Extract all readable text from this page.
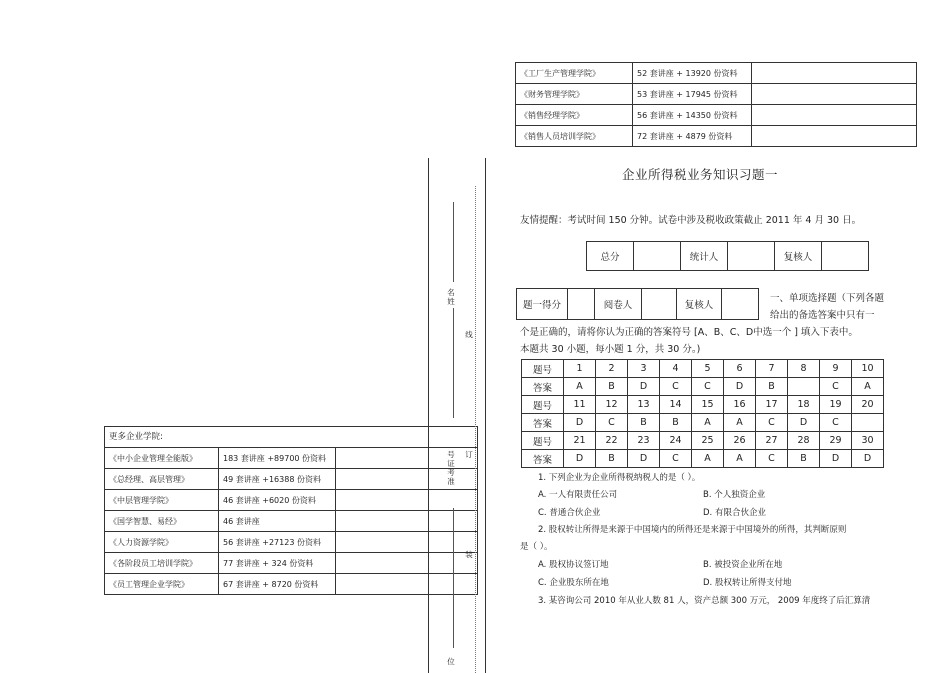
《工厂生产管理学院》	52 套讲座 + 13920 份资料	
《财务管理学院》	53 套讲座 + 17945 份资料	
《销售经理学院》	56 套讲座 + 14350 份资料	
《销售人员培训学院》	72 套讲座 + 4879 份资料	
更多企业学院:
《中小企业管理全能版》	183 套讲座 +89700 份资料	
《总经理、高层管理》	49 套讲座 +16388 份资料	
《中层管理学院》	46 套讲座 +6020 份资料	
《国学智慧、易经》	46 套讲座	
《人力资源学院》	56 套讲座 +27123 份资料	
《各阶段员工培训学院》	77 套讲座 + 324 份资料	
《员工管理企业学院》	67 套讲座 + 8720 份资料	
名 姓
线
号 证 考 准
订
装
位
企业所得税业务知识习题一
友情提醒：考试时间 150 分钟。试卷中涉及税收政策截止 2011 年 4 月 30 日。
总分		统计人		复核人	
题一得分		阅卷人		复核人	
一、单项选择题（下列各题
给出的备选答案中只有一
个是正确的，请将你认为正确的答案符号 [A、B、C、D中选一个 ] 填入下表中。
本题共 30 小题，每小题 1 分，共 30 分。)
题号	1	2	3	4	5	6	7	8	9	10
答案	A	B	D	C	C	D	B		C	A
题号	11	12	13	14	15	16	17	18	19	20
答案	D	C	B	B	A	A	C	D	C	
题号	21	22	23	24	25	26	27	28	29	30
答案	D	B	D	C	A	A	C	B	D	D
1. 下列企业为企业所得税纳税人的是（ ）。
A. 一人有限责任公司	B. 个人独资企业
C. 普通合伙企业	D. 有限合伙企业
2. 股权转让所得是来源于中国境内的所得还是来源于中国境外的所得，其判断原则
是（ ）。
A. 股权协议签订地	B. 被投资企业所在地
C. 企业股东所在地	D. 股权转让所得支付地
3. 某咨询公司 2010 年从业人数 81 人，资产总额 300 万元， 2009 年度终了后汇算清
